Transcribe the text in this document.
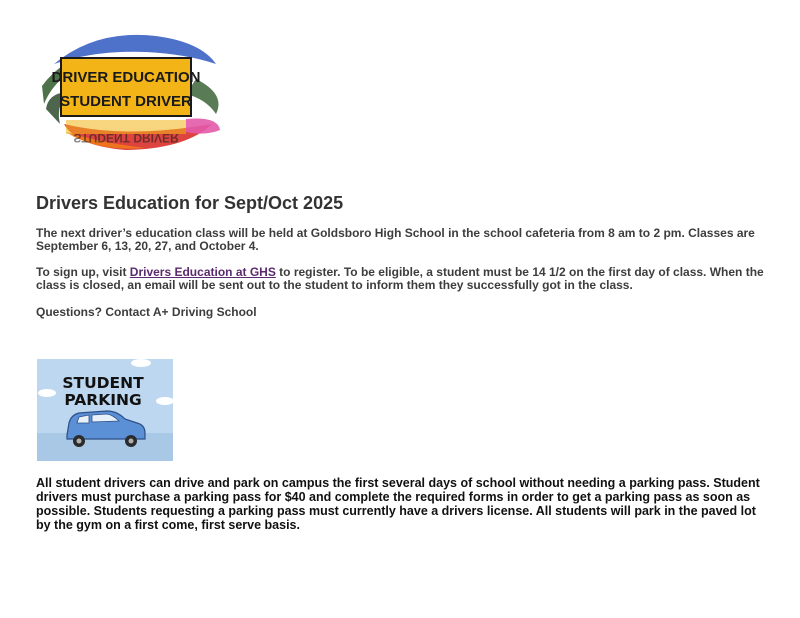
DRIVER EDUCATION
STUDENT DRIVER
STUDENT DRIVER
Drivers Education for Sept/Oct 2025

The next driver’s education class will be held at Goldsboro High School in the school cafeteria from 8 am to 2 pm. Classes are September 6, 13, 20, 27, and October 4.

To sign up, visit Drivers Education at GHS to register. To be eligible, a student must be 14 1/2 on the first day of class. When the class is closed, an email will be sent out to the student to inform them they successfully got in the class.

Questions? Contact A+ Driving School

STUDENT
PARKING

All student drivers can drive and park on campus the first several days of school without needing a parking pass. Student drivers must purchase a parking pass for $40 and complete the required forms in order to get a parking pass as soon as possible. Students requesting a parking pass must currently have a drivers license. All students will park in the paved lot by the gym on a first come, first serve basis.
